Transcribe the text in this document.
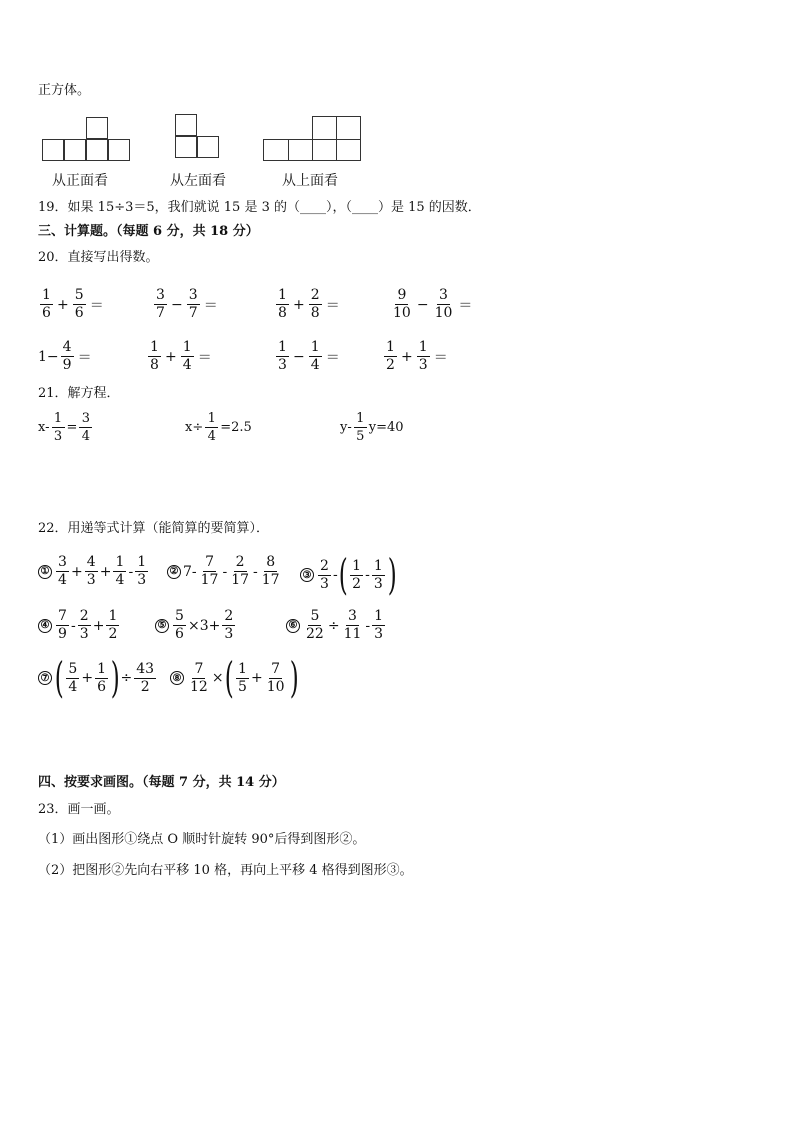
正方体。
从正面看	从左面看	从上面看
19．如果 15÷3＝5，我们就说 15 是 3 的（____），（____）是 15 的因数．
三、计算题。（每题 6 分，共 18 分）
20．直接写出得数。
$\frac{1}{6} + \frac{5}{6}$ ＝	$\frac{3}{7} - \frac{3}{7}$ ＝	$\frac{1}{8} + \frac{2}{8}$ ＝	$\frac{9}{10} - \frac{3}{10}$ ＝
$1- \frac{4}{9}$ ＝	$\frac{1}{8} + \frac{1}{4}$ ＝	$\frac{1}{3} - \frac{1}{4}$ ＝	$\frac{1}{2} + \frac{1}{3}$ ＝
21．解方程．
$x- \frac{1}{3} = \frac{3}{4}$	$x\div \frac{1}{4} =2.5$	$y- \frac{1}{5} y=40$
22．用递等式计算（能简算的要简算）．
① $\frac{3}{4} + \frac{4}{3} + \frac{1}{4} - \frac{1}{3}$ ② $7- \frac{7}{17} - \frac{2}{17} - \frac{8}{17}$ ③ $\frac{2}{3}$ - ( $\frac{1}{2} - \frac{1}{3}$ )
④ $\frac{7}{9} - \frac{2}{3} + \frac{1}{2}$	⑤ $\frac{5}{6} \times 3+ \frac{2}{3}$	⑥ $\frac{5}{22} \div \frac{3}{11} - \frac{1}{3}$
⑦ ( $\frac{5}{4} + \frac{1}{6}$ ) ÷ $\frac{43}{2}$ ⑧ $\frac{7}{12}$ × ( $\frac{1}{5} + \frac{7}{10}$ )
四、按要求画图。（每题 7 分，共 14 分）
23．画一画。
（1）画出图形①绕点 O 顺时针旋转 90°后得到图形②。
（2）把图形②先向右平移 10 格，再向上平移 4 格得到图形③。
